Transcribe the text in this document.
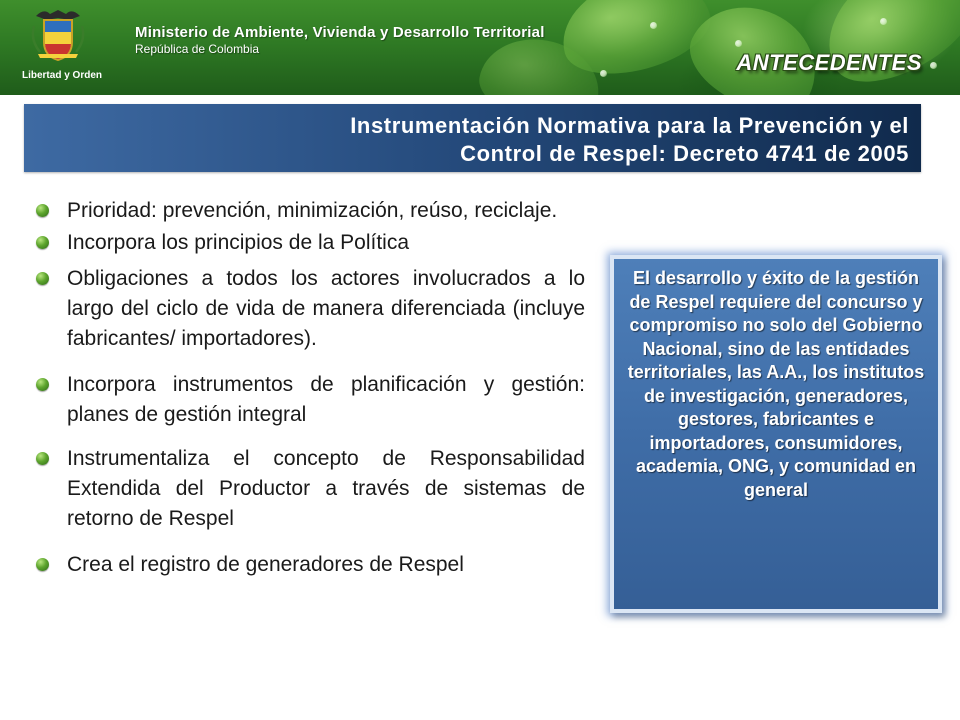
Libertad y Orden
Ministerio de Ambiente, Vivienda y Desarrollo Territorial
República de Colombia
ANTECEDENTES
Instrumentación Normativa para la Prevención y el
Control de Respel: Decreto 4741 de 2005
Prioridad: prevención, minimización, reúso, reciclaje.
Incorpora los principios de la Política
Obligaciones a todos los actores involucrados a lo largo del ciclo de vida de manera diferenciada (incluye fabricantes/ importadores).
Incorpora instrumentos de planificación y gestión: planes de gestión integral
Instrumentaliza el concepto de Responsabilidad Extendida del Productor a través de sistemas de retorno de Respel
Crea el registro de generadores de Respel
El desarrollo y éxito de la gestión de Respel requiere del concurso y compromiso no solo del Gobierno Nacional, sino de las entidades territoriales, las A.A., los institutos de investigación, generadores, gestores, fabricantes e importadores, consumidores, academia, ONG, y comunidad en general
